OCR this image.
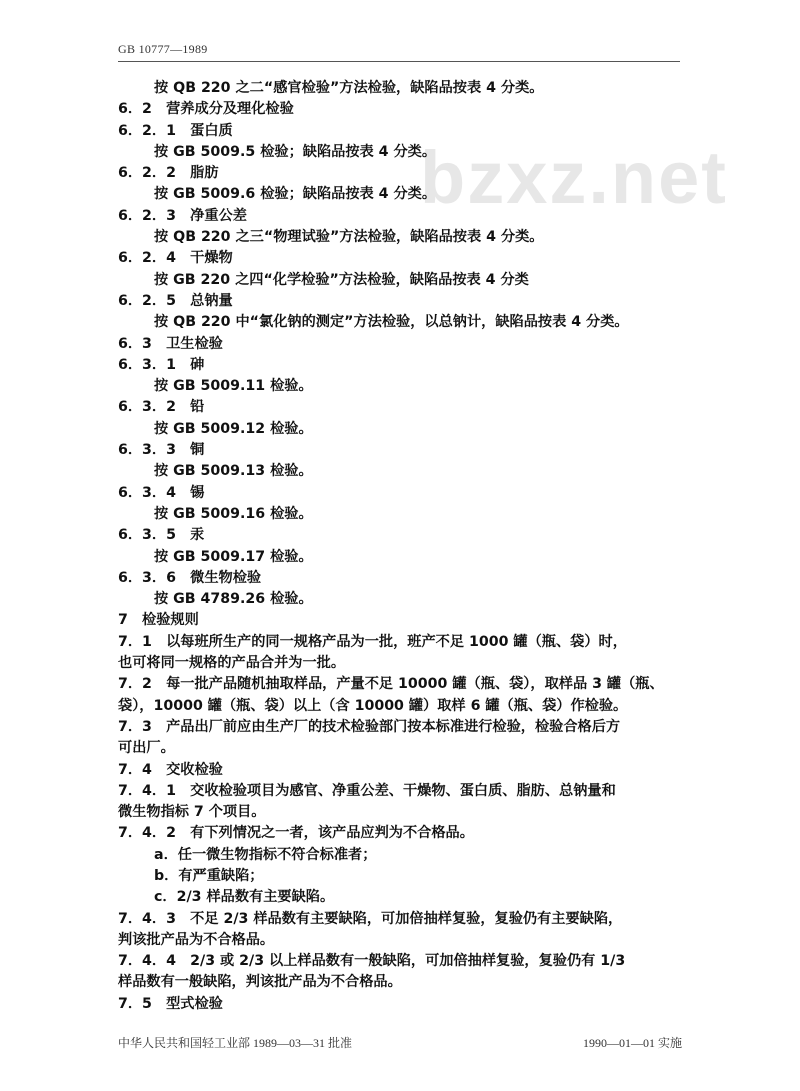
GB 10777—1989
bzxz.net
按 QB 220 之二“感官检验”方法检验，缺陷品按表 4 分类。
6．2　营养成分及理化检验
6．2．1　蛋白质
按 GB 5009.5 检验；缺陷品按表 4 分类。
6．2．2　脂肪
按 GB 5009.6 检验；缺陷品按表 4 分类。
6．2．3　净重公差
按 QB 220 之三“物理试验”方法检验，缺陷品按表 4 分类。
6．2．4　干燥物
按 GB 220 之四“化学检验”方法检验，缺陷品按表 4 分类
6．2．5　总钠量
按 QB 220 中“氯化钠的测定”方法检验，以总钠计，缺陷品按表 4 分类。
6．3　卫生检验
6．3．1　砷
按 GB 5009.11 检验。
6．3．2　铅
按 GB 5009.12 检验。
6．3．3　铜
按 GB 5009.13 检验。
6．3．4　锡
按 GB 5009.16 检验。
6．3．5　汞
按 GB 5009.17 检验。
6．3．6　微生物检验
按 GB 4789.26 检验。
7　检验规则
7．1　以每班所生产的同一规格产品为一批，班产不足 1000 罐（瓶、袋）时，
也可将同一规格的产品合并为一批。
7．2　每一批产品随机抽取样品，产量不足 10000 罐（瓶、袋），取样品 3 罐（瓶、
袋），10000 罐（瓶、袋）以上（含 10000 罐）取样 6 罐（瓶、袋）作检验。
7．3　产品出厂前应由生产厂的技术检验部门按本标准进行检验，检验合格后方
可出厂。
7．4　交收检验
7．4．1　交收检验项目为感官、净重公差、干燥物、蛋白质、脂肪、总钠量和
微生物指标 7 个项目。
7．4．2　有下列情况之一者，该产品应判为不合格品。
a．任一微生物指标不符合标准者；
b．有严重缺陷；
c．2/3 样品数有主要缺陷。
7．4．3　不足 2/3 样品数有主要缺陷，可加倍抽样复验，复验仍有主要缺陷，
判该批产品为不合格品。
7．4．4　2/3 或 2/3 以上样品数有一般缺陷，可加倍抽样复验，复验仍有 1/3
样品数有一般缺陷，判该批产品为不合格品。
7．5　型式检验
中华人民共和国轻工业部 1989—03—31 批准	1990—01—01 实施
